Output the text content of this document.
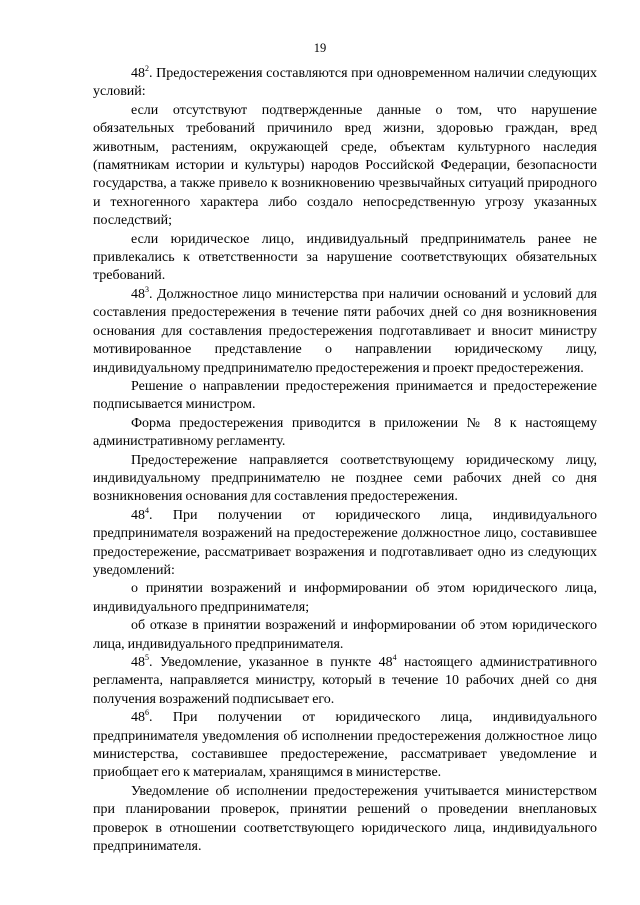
19

$48^2$. Предостережения составляются при одновременном наличии следующих условий:

если отсутствуют подтвержденные данные о том, что нарушение обязательных требований причинило вред жизни, здоровью граждан, вред животным, растениям, окружающей среде, объектам культурного наследия (памятникам истории и культуры) народов Российской Федерации, безопасности государства, а также привело к возникновению чрезвычайных ситуаций природного и техногенного характера либо создало непосредственную угрозу указанных последствий;

если юридическое лицо, индивидуальный предприниматель ранее не привлекались к ответственности за нарушение соответствующих обязательных требований.

$48^3$. Должностное лицо министерства при наличии оснований и условий для составления предостережения в течение пяти рабочих дней со дня возникновения основания для составления предостережения подготавливает и вносит министру мотивированное представление о направлении юридическому лицу, индивидуальному предпринимателю предостережения и проект предостережения.

Решение о направлении предостережения принимается и предостережение подписывается министром.

Форма предостережения приводится в приложении № 8 к настоящему административному регламенту.

Предостережение направляется соответствующему юридическому лицу, индивидуальному предпринимателю не позднее семи рабочих дней со дня возникновения основания для составления предостережения.

$48^4$. При получении от юридического лица, индивидуального предпринимателя возражений на предостережение должностное лицо, составившее предостережение, рассматривает возражения и подготавливает одно из следующих уведомлений:

о принятии возражений и информировании об этом юридического лица, индивидуального предпринимателя;

об отказе в принятии возражений и информировании об этом юридического лица, индивидуального предпринимателя.

$48^5$. Уведомление, указанное в пункте $48^4$ настоящего административного регламента, направляется министру, который в течение 10 рабочих дней со дня получения возражений подписывает его.

$48^6$. При получении от юридического лица, индивидуального предпринимателя уведомления об исполнении предостережения должностное лицо министерства, составившее предостережение, рассматривает уведомление и приобщает его к материалам, хранящимся в министерстве.

Уведомление об исполнении предостережения учитывается министерством при планировании проверок, принятии решений о проведении внеплановых проверок в отношении соответствующего юридического лица, индивидуального предпринимателя.
